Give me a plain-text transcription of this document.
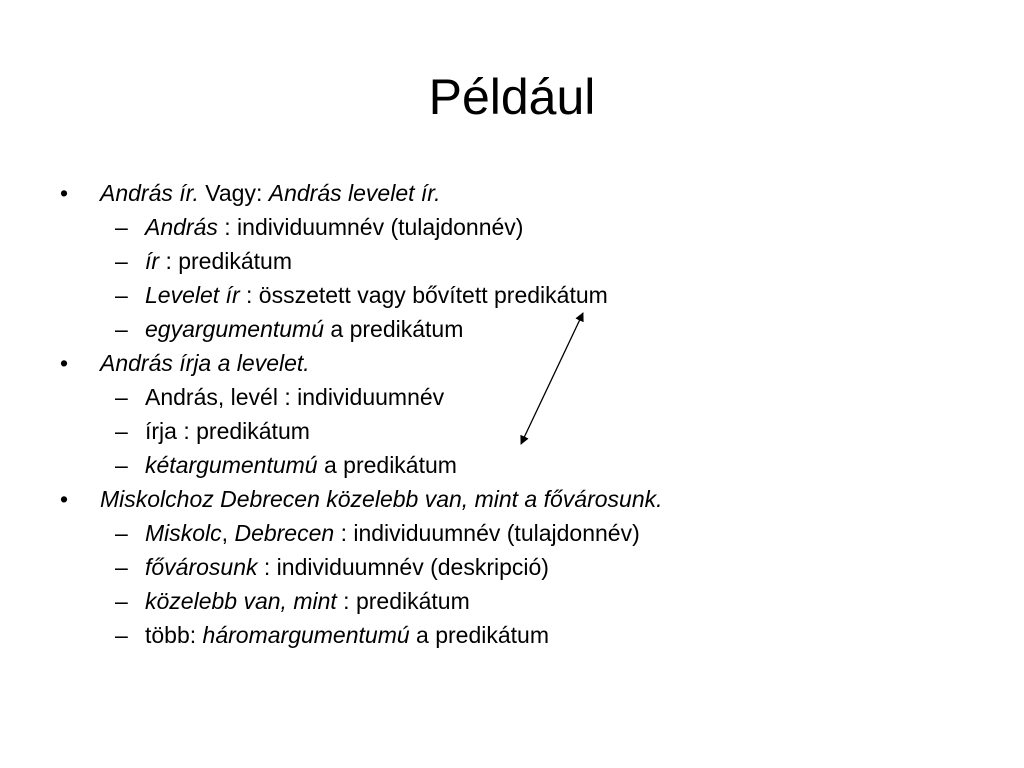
Például
• András ír. Vagy: András levelet ír.
– András : individuumnév (tulajdonnév)
– ír : predikátum
– Levelet ír : összetett vagy bővített predikátum
– egyargumentumú a predikátum
• András írja a levelet.
– András, levél : individuumnév
– írja : predikátum
– kétargumentumú a predikátum
• Miskolchoz Debrecen közelebb van, mint a fővárosunk.
– Miskolc, Debrecen : individuumnév (tulajdonnév)
– fővárosunk : individuumnév (deskripció)
– közelebb van, mint : predikátum
– több: háromargumentumú a predikátum
